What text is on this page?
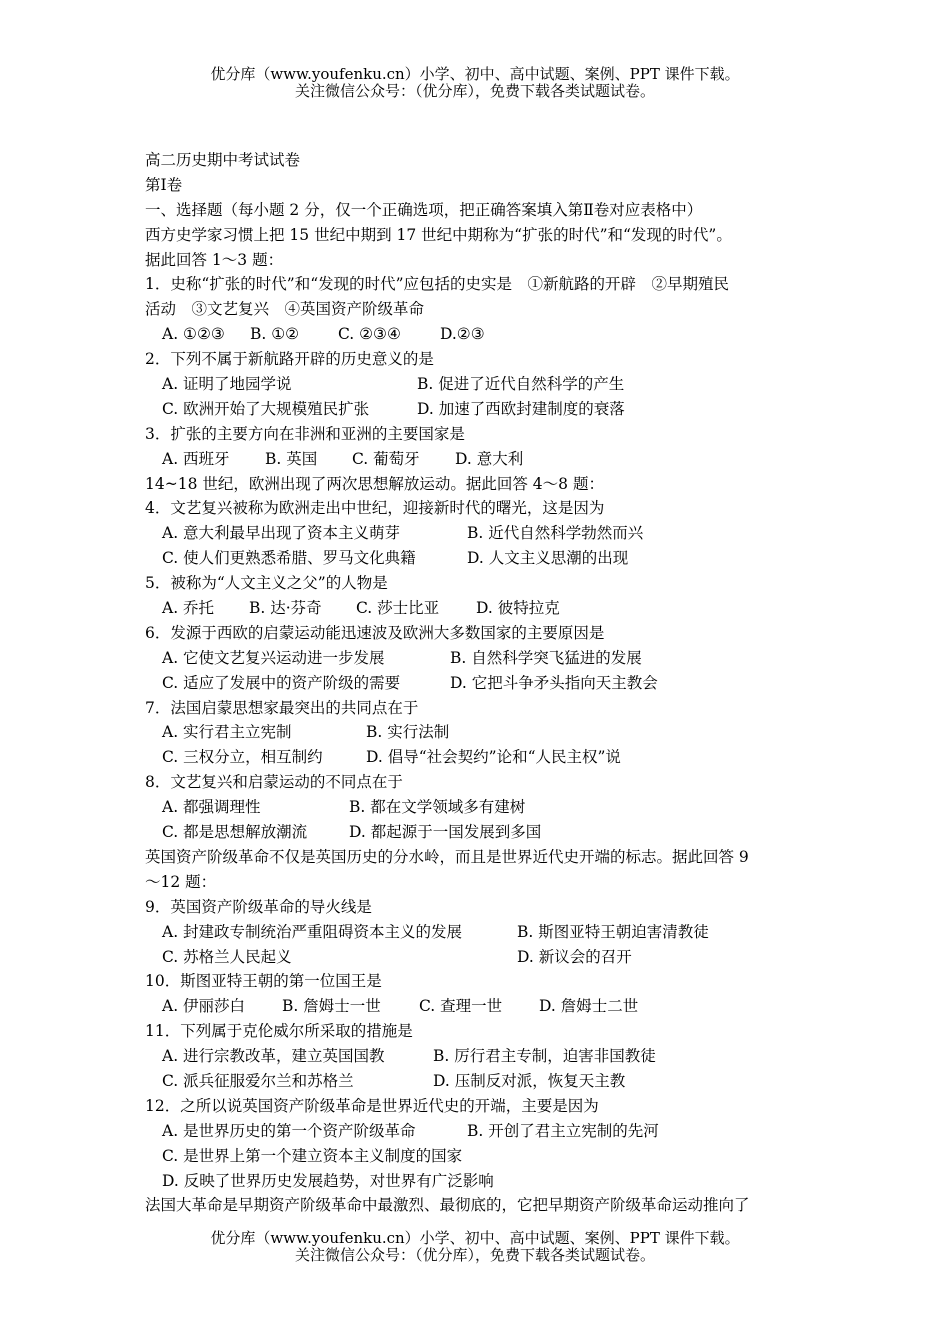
优分库（www.youfenku.cn）小学、初中、高中试题、案例、PPT 课件下载。
关注微信公众号：（优分库），免费下载各类试题试卷。
高二历史期中考试试卷
第Ⅰ卷
一、选择题（每小题 2 分，仅一个正确选项，把正确答案填入第Ⅱ卷对应表格中）
西方史学家习惯上把 15 世纪中期到 17 世纪中期称为“扩张的时代”和“发现的时代”。
据此回答 1～3 题：
1．史称“扩张的时代”和“发现的时代”应包括的史实是　①新航路的开辟　②早期殖民
活动　③文艺复兴　④英国资产阶级革命
A. ①②③ B. ①②	C. ②③④	D.②③
2．下列不属于新航路开辟的历史意义的是
A. 证明了地园学说	B. 促进了近代自然科学的产生
C. 欧洲开始了大规模殖民扩张	D. 加速了西欧封建制度的衰落
3．扩张的主要方向在非洲和亚洲的主要国家是
A. 西班牙 B. 英国 C. 葡萄牙 D. 意大利
14~18 世纪，欧洲出现了两次思想解放运动。据此回答 4～8 题：
4．文艺复兴被称为欧洲走出中世纪，迎接新时代的曙光，这是因为
A. 意大利最早出现了资本主义萌芽	B. 近代自然科学勃然而兴
C. 使人们更熟悉希腊、罗马文化典籍	D. 人文主义思潮的出现
5．被称为“人文主义之父”的人物是
A. 乔托 B. 达·芬奇 C. 莎士比亚 D. 彼特拉克
6．发源于西欧的启蒙运动能迅速波及欧洲大多数国家的主要原因是
A. 它使文艺复兴运动进一步发展	B. 自然科学突飞猛进的发展
C. 适应了发展中的资产阶级的需要	D. 它把斗争矛头指向天主教会
7．法国启蒙思想家最突出的共同点在于
A. 实行君主立宪制	B. 实行法制
C. 三权分立，相互制约	D. 倡导“社会契约”论和“人民主权”说
8．文艺复兴和启蒙运动的不同点在于
A. 都强调理性	B. 都在文学领域多有建树
C. 都是思想解放潮流	D. 都起源于一国发展到多国
英国资产阶级革命不仅是英国历史的分水岭，而且是世界近代史开端的标志。据此回答 9
～12 题：
9．英国资产阶级革命的导火线是
A. 封建政专制统治严重阻碍资本主义的发展	B. 斯图亚特王朝迫害清教徒
C. 苏格兰人民起义	D. 新议会的召开
10．斯图亚特王朝的第一位国王是
A. 伊丽莎白 B. 詹姆士一世 C. 查理一世 D. 詹姆士二世
11．下列属于克伦威尔所采取的措施是
A. 进行宗教改革，建立英国国教	B. 厉行君主专制，迫害非国教徒
C. 派兵征服爱尔兰和苏格兰	D. 压制反对派，恢复天主教
12．之所以说英国资产阶级革命是世界近代史的开端，主要是因为
A. 是世界历史的第一个资产阶级革命	B. 开创了君主立宪制的先河
C. 是世界上第一个建立资本主义制度的国家
D. 反映了世界历史发展趋势，对世界有广泛影响
法国大革命是早期资产阶级革命中最激烈、最彻底的，它把早期资产阶级革命运动推向了
优分库（www.youfenku.cn）小学、初中、高中试题、案例、PPT 课件下载。
关注微信公众号：（优分库），免费下载各类试题试卷。
